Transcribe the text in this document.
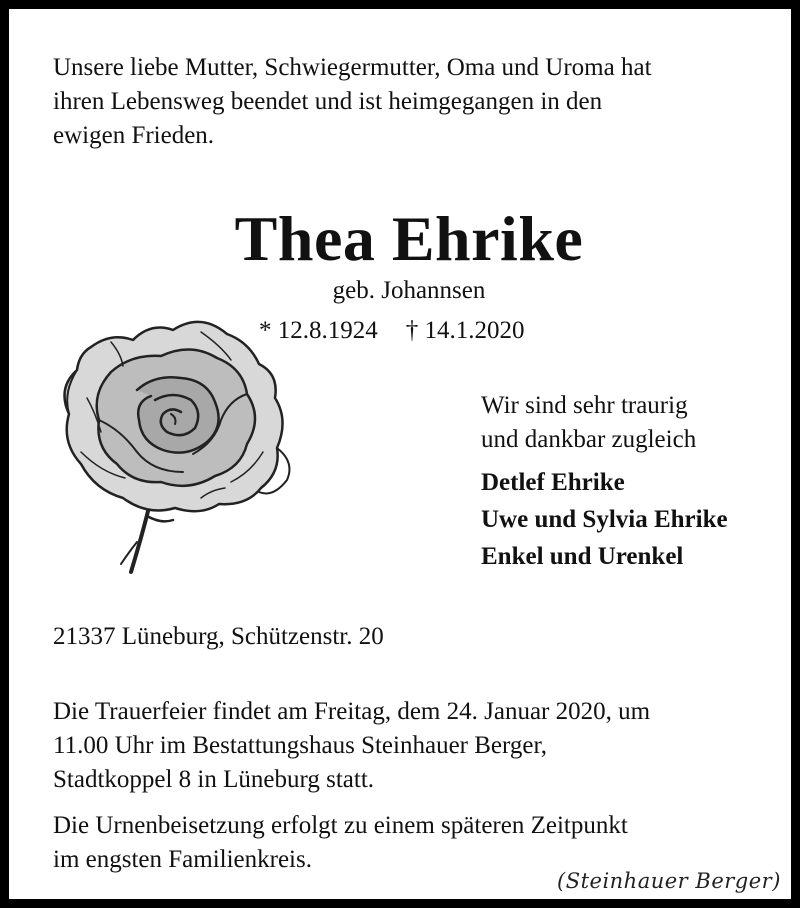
Unsere liebe Mutter, Schwiegermutter, Oma und Uroma hat
ihren Lebensweg beendet und ist heimgegangen in den
ewigen Frieden.
Thea Ehrike
geb. Johannsen
* 12.8.1924 † 14.1.2020
Wir sind sehr traurig
und dankbar zugleich
Detlef Ehrike
Uwe und Sylvia Ehrike
Enkel und Urenkel
21337 Lüneburg, Schützenstr. 20
Die Trauerfeier findet am Freitag, dem 24. Januar 2020, um
11.00 Uhr im Bestattungshaus Steinhauer Berger,
Stadtkoppel 8 in Lüneburg statt.
Die Urnenbeisetzung erfolgt zu einem späteren Zeitpunkt
im engsten Familienkreis.
(Steinhauer Berger)
